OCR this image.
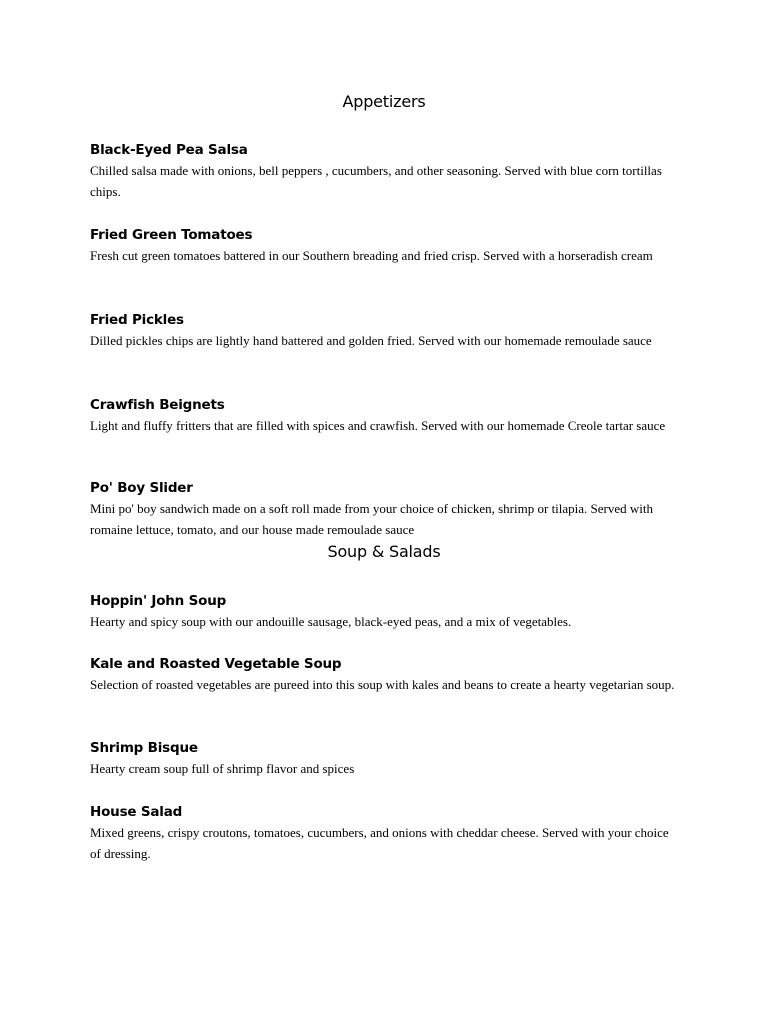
Appetizers

Black-Eyed Pea Salsa

Chilled salsa made with onions, bell peppers , cucumbers, and other seasoning. Served with blue corn tortillas chips.

Fried Green Tomatoes

Fresh cut green tomatoes battered in our Southern breading and fried crisp. Served with a horseradish cream

Fried Pickles

Dilled pickles chips are lightly hand battered and golden fried. Served with our homemade remoulade sauce

Crawfish Beignets

Light and fluffy fritters that are filled with spices and crawfish. Served with our homemade Creole tartar sauce

Po' Boy Slider

Mini po' boy sandwich made on a soft roll made from your choice of chicken, shrimp or tilapia. Served with romaine lettuce, tomato, and our house made remoulade sauce

Soup & Salads

Hoppin' John Soup

Hearty and spicy soup with our andouille sausage, black-eyed peas, and a mix of vegetables.

Kale and Roasted Vegetable Soup

Selection of roasted vegetables are pureed into this soup with kales and beans to create a hearty vegetarian soup.

Shrimp Bisque

Hearty cream soup full of shrimp flavor and spices

House Salad

Mixed greens, crispy croutons, tomatoes, cucumbers, and onions with cheddar cheese. Served with your choice of dressing.
